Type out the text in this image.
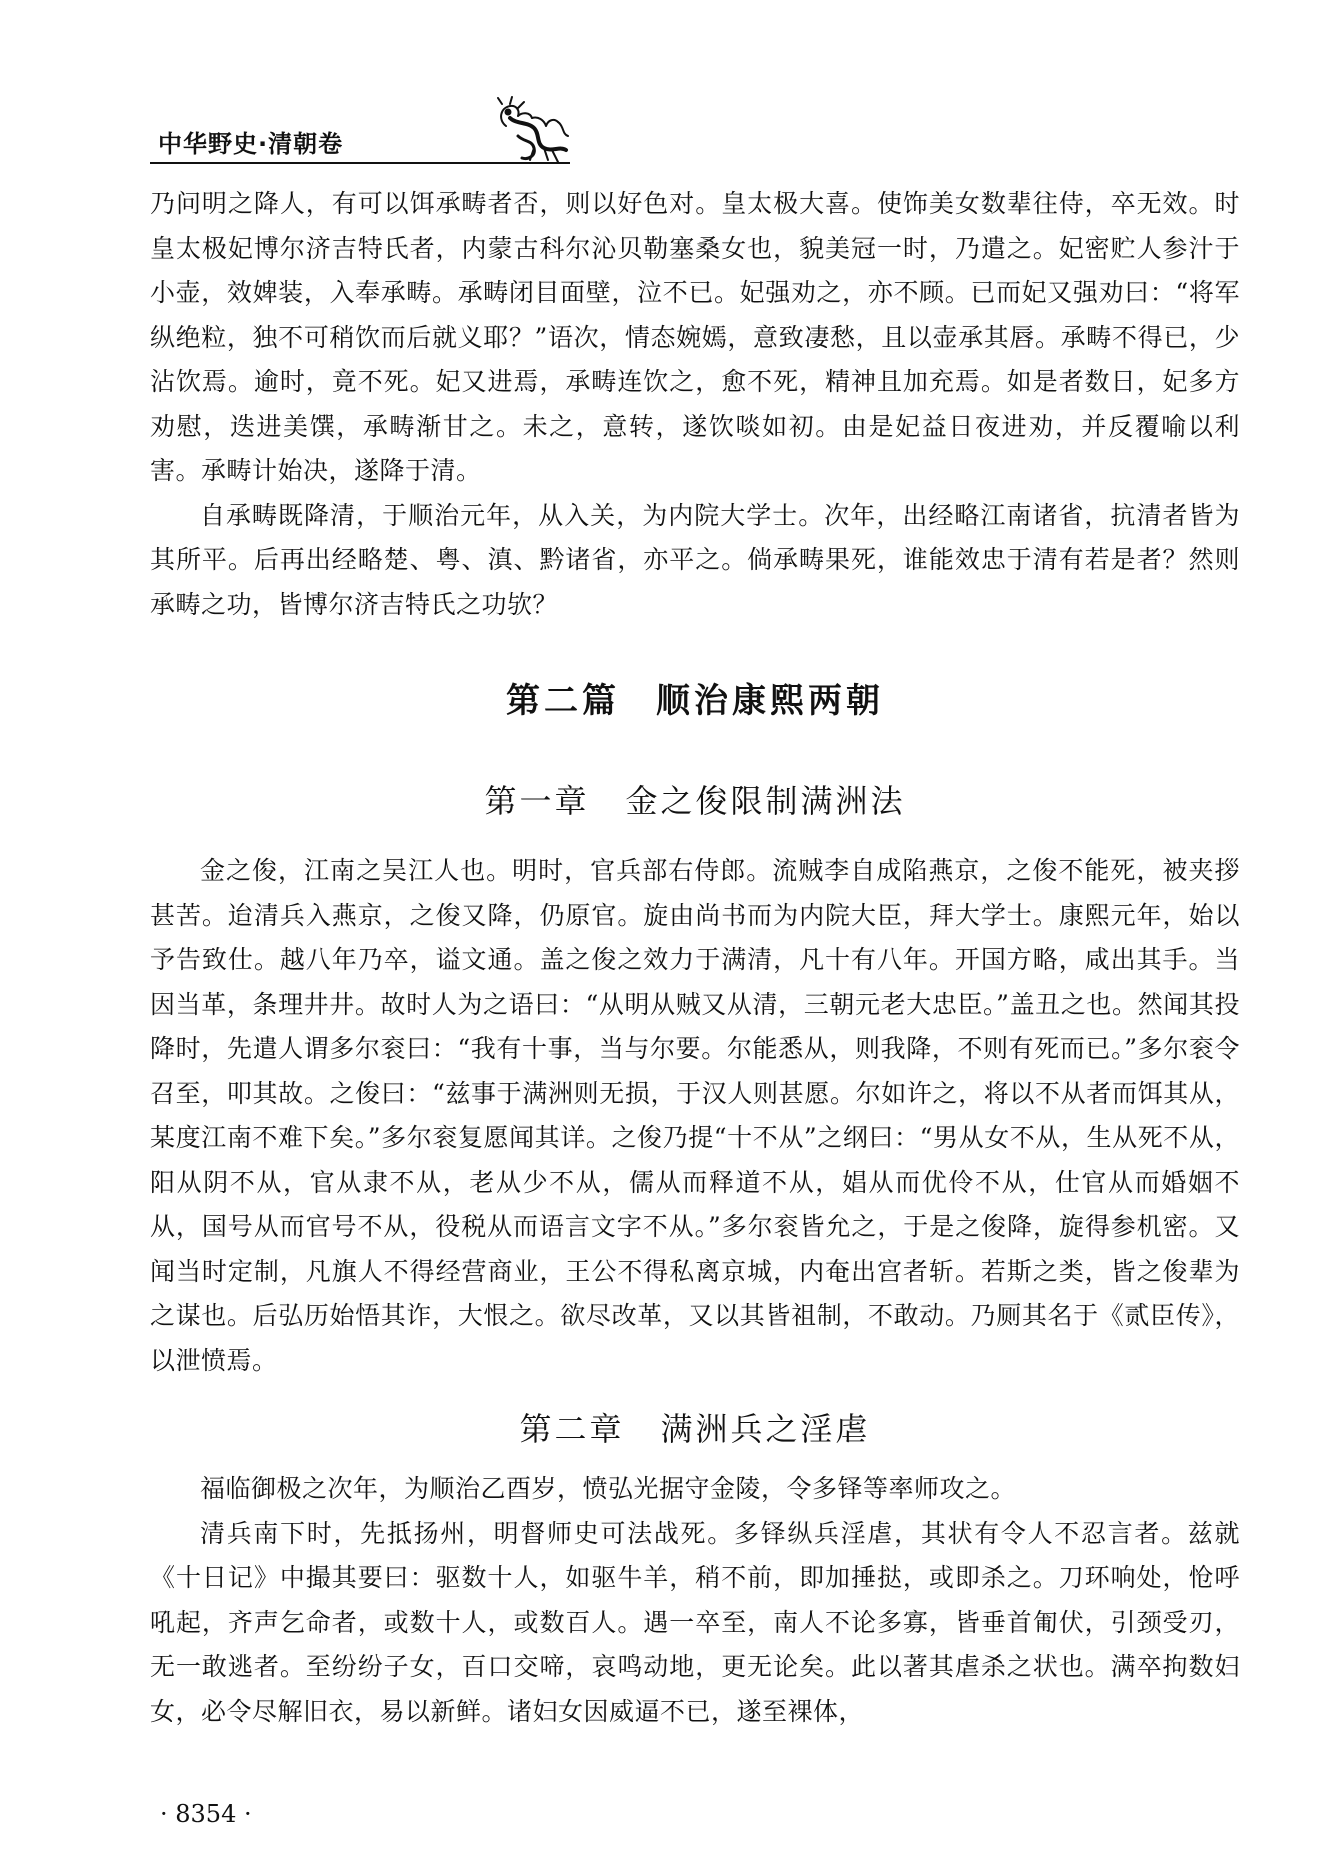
中华野史·清朝卷

乃问明之降人，有可以饵承畴者否，则以好色对。皇太极大喜。使饰美女数辈往侍，卒无效。时皇太极妃博尔济吉特氏者，内蒙古科尔沁贝勒塞桑女也，貌美冠一时，乃遣之。妃密贮人参汁于小壶，效婢装，入奉承畴。承畴闭目面壁，泣不已。妃强劝之，亦不顾。已而妃又强劝曰：“将军纵绝粒，独不可稍饮而后就义耶？”语次，情态婉嫣，意致凄愁，且以壶承其唇。承畴不得已，少沾饮焉。逾时，竟不死。妃又进焉，承畴连饮之，愈不死，精神且加充焉。如是者数日，妃多方劝慰，迭进美馔，承畴渐甘之。未之，意转，遂饮啖如初。由是妃益日夜进劝，并反覆喻以利害。承畴计始决，遂降于清。

自承畴既降清，于顺治元年，从入关，为内院大学士。次年，出经略江南诸省，抗清者皆为其所平。后再出经略楚、粤、滇、黔诸省，亦平之。倘承畴果死，谁能效忠于清有若是者？然则承畴之功，皆博尔济吉特氏之功欤？

第二篇 顺治康熙两朝
第一章 金之俊限制满洲法

金之俊，江南之吴江人也。明时，官兵部右侍郎。流贼李自成陷燕京，之俊不能死，被夹拶甚苦。迨清兵入燕京，之俊又降，仍原官。旋由尚书而为内院大臣，拜大学士。康熙元年，始以予告致仕。越八年乃卒，谥文通。盖之俊之效力于满清，凡十有八年。开国方略，咸出其手。当因当革，条理井井。故时人为之语曰：“从明从贼又从清，三朝元老大忠臣。”盖丑之也。然闻其投降时，先遣人谓多尔衮曰：“我有十事，当与尔要。尔能悉从，则我降，不则有死而已。”多尔衮令召至，叩其故。之俊曰：“兹事于满洲则无损，于汉人则甚愿。尔如许之，将以不从者而饵其从，某度江南不难下矣。”多尔衮复愿闻其详。之俊乃提“十不从”之纲曰：“男从女不从，生从死不从，阳从阴不从，官从隶不从，老从少不从，儒从而释道不从，娼从而优伶不从，仕官从而婚姻不从，国号从而官号不从，役税从而语言文字不从。”多尔衮皆允之，于是之俊降，旋得参机密。又闻当时定制，凡旗人不得经营商业，王公不得私离京城，内奄出宫者斩。若斯之类，皆之俊辈为之谋也。后弘历始悟其诈，大恨之。欲尽改革，又以其皆祖制，不敢动。乃厕其名于《贰臣传》，以泄愤焉。

第二章 满洲兵之淫虐

福临御极之次年，为顺治乙酉岁，愤弘光据守金陵，令多铎等率师攻之。

清兵南下时，先抵扬州，明督师史可法战死。多铎纵兵淫虐，其状有令人不忍言者。兹就《十日记》中撮其要曰：驱数十人，如驱牛羊，稍不前，即加捶挞，或即杀之。刀环响处，怆呼吼起，齐声乞命者，或数十人，或数百人。遇一卒至，南人不论多寡，皆垂首匍伏，引颈受刃，无一敢逃者。至纷纷子女，百口交啼，哀鸣动地，更无论矣。此以著其虐杀之状也。满卒拘数妇女，必令尽解旧衣，易以新鲜。诸妇女因威逼不已，遂至裸体，

· 8354 ·
